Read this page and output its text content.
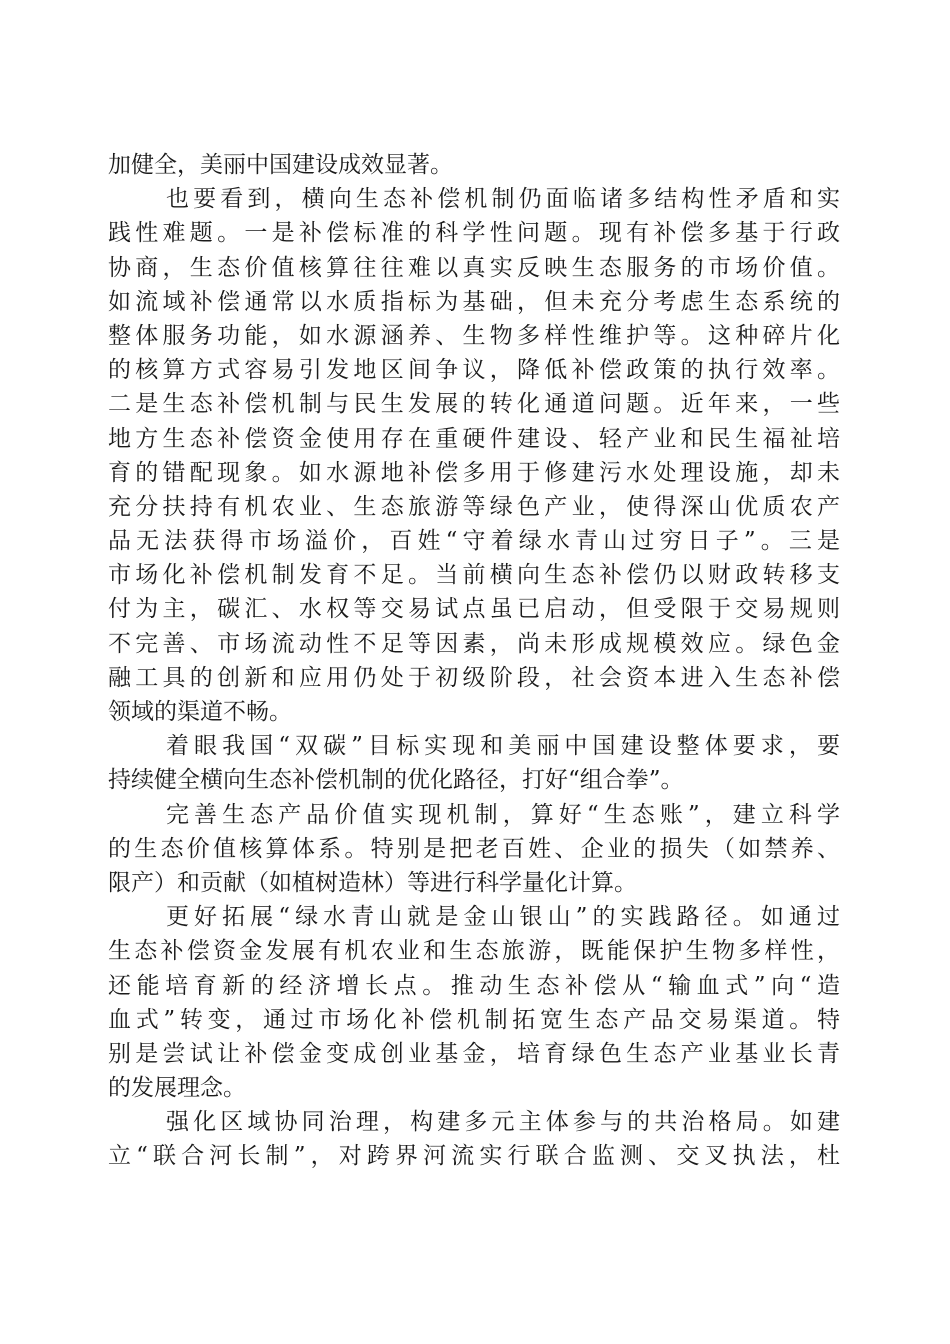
加健全，美丽中国建设成效显著。
也要看到，横向生态补偿机制仍面临诸多结构性矛盾和实
践性难题。一是补偿标准的科学性问题。现有补偿多基于行政
协商，生态价值核算往往难以真实反映生态服务的市场价值。
如流域补偿通常以水质指标为基础，但未充分考虑生态系统的
整体服务功能，如水源涵养、生物多样性维护等。这种碎片化
的核算方式容易引发地区间争议，降低补偿政策的执行效率。
二是生态补偿机制与民生发展的转化通道问题。近年来，一些
地方生态补偿资金使用存在重硬件建设、轻产业和民生福祉培
育的错配现象。如水源地补偿多用于修建污水处理设施，却未
充分扶持有机农业、生态旅游等绿色产业，使得深山优质农产
品无法获得市场溢价，百姓“守着绿水青山过穷日子”。三是
市场化补偿机制发育不足。当前横向生态补偿仍以财政转移支
付为主，碳汇、水权等交易试点虽已启动，但受限于交易规则
不完善、市场流动性不足等因素，尚未形成规模效应。绿色金
融工具的创新和应用仍处于初级阶段，社会资本进入生态补偿
领域的渠道不畅。
着眼我国“双碳”目标实现和美丽中国建设整体要求，要
持续健全横向生态补偿机制的优化路径，打好“组合拳”。
完善生态产品价值实现机制，算好“生态账”，建立科学
的生态价值核算体系。特别是把老百姓、企业的损失（如禁养、
限产）和贡献（如植树造林）等进行科学量化计算。
更好拓展“绿水青山就是金山银山”的实践路径。如通过
生态补偿资金发展有机农业和生态旅游，既能保护生物多样性，
还能培育新的经济增长点。推动生态补偿从“输血式”向“造
血式”转变，通过市场化补偿机制拓宽生态产品交易渠道。特
别是尝试让补偿金变成创业基金，培育绿色生态产业基业长青
的发展理念。
强化区域协同治理，构建多元主体参与的共治格局。如建
立“联合河长制”，对跨界河流实行联合监测、交叉执法，杜
